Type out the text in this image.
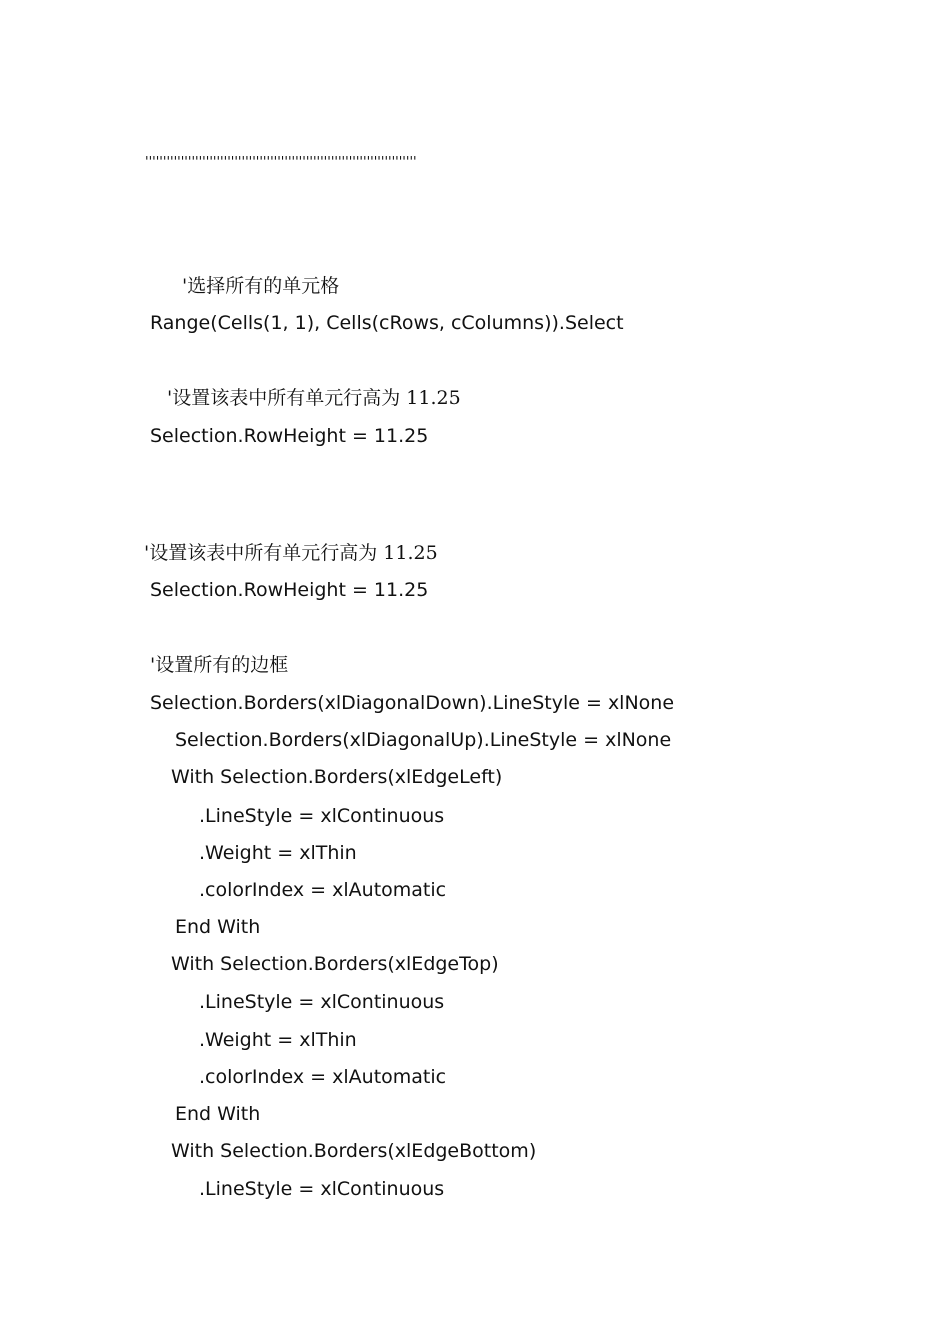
''''''''''''''''''''''''''''''''''''''''''''''''''''''''''''''''''''''''''''

'选择所有的单元格

Range(Cells(1, 1), Cells(cRows, cColumns)).Select

'设置该表中所有单元行高为 11.25

Selection.RowHeight = 11.25

'设置该表中所有单元行高为 11.25

Selection.RowHeight = 11.25

'设置所有的边框

Selection.Borders(xlDiagonalDown).LineStyle = xlNone

Selection.Borders(xlDiagonalUp).LineStyle = xlNone

With Selection.Borders(xlEdgeLeft)

.LineStyle = xlContinuous

.Weight = xlThin

.colorIndex = xlAutomatic

End With

With Selection.Borders(xlEdgeTop)

.LineStyle = xlContinuous

.Weight = xlThin

.colorIndex = xlAutomatic

End With

With Selection.Borders(xlEdgeBottom)

.LineStyle = xlContinuous
